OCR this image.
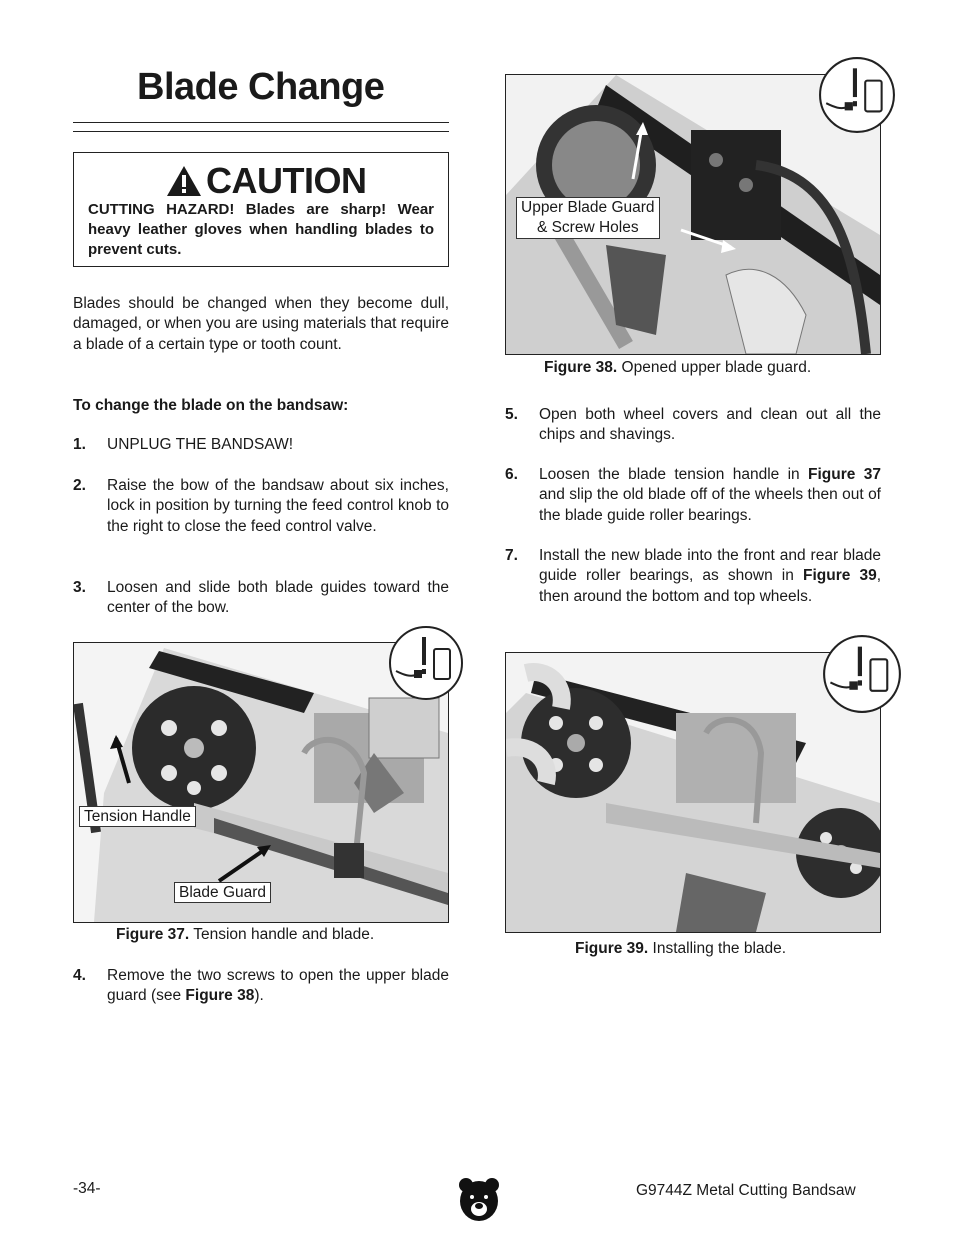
Blade Change
CAUTION
CUTTING HAZARD! Blades are sharp! Wear heavy leather gloves when handling blades to prevent cuts.
Blades should be changed when they become dull, damaged, or when you are using materials that require a blade of a certain type or tooth count.
To change the blade on the bandsaw:
1. UNPLUG THE BANDSAW!
2. Raise the bow of the bandsaw about six inches, lock in position by turning the feed control knob to the right to close the feed control valve.
3. Loosen and slide both blade guides toward the center of the bow.
Tension Handle
Blade Guard
Figure 37. Tension handle and blade.
4. Remove the two screws to open the upper blade guard (see Figure 38).
Upper Blade Guard
& Screw Holes
Figure 38. Opened upper blade guard.
5. Open both wheel covers and clean out all the chips and shavings.
6. Loosen the blade tension handle in Figure 37 and slip the old blade off of the wheels then out of the blade guide roller bearings.
7. Install the new blade into the front and rear blade guide roller bearings, as shown in Figure 39, then around the bottom and top wheels.
Figure 39. Installing the blade.
-34-	G9744Z Metal Cutting Bandsaw
